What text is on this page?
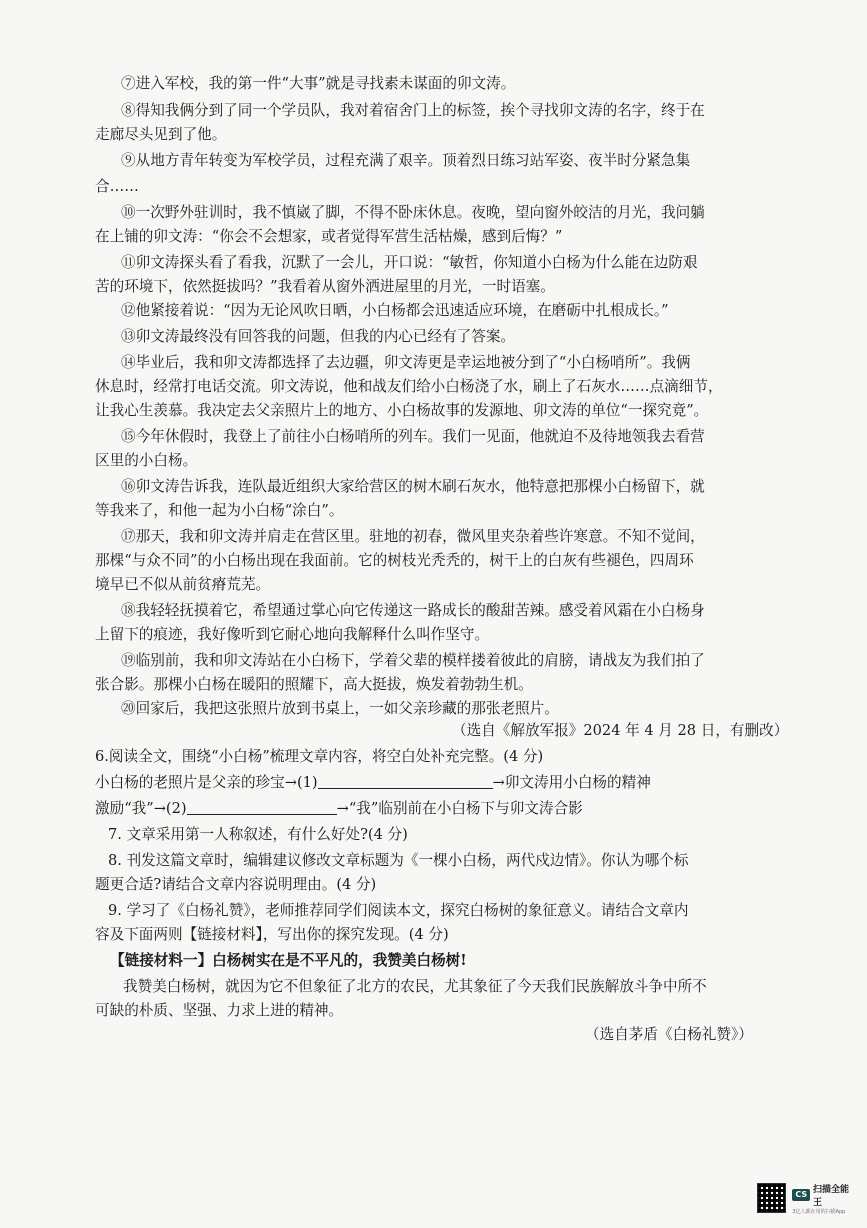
⑦进入军校，我的第一件“大事”就是寻找素未谋面的卯文涛。
⑧得知我俩分到了同一个学员队，我对着宿舍门上的标签，挨个寻找卯文涛的名字，终于在
走廊尽头见到了他。
⑨从地方青年转变为军校学员，过程充满了艰辛。顶着烈日练习站军姿、夜半时分紧急集
合……
⑩一次野外驻训时，我不慎崴了脚，不得不卧床休息。夜晚，望向窗外皎洁的月光，我问躺
在上铺的卯文涛：“你会不会想家，或者觉得军营生活枯燥，感到后悔？”
⑪卯文涛探头看了看我，沉默了一会儿，开口说：“敏哲，你知道小白杨为什么能在边防艰
苦的环境下，依然挺拔吗？”我看着从窗外洒进屋里的月光，一时语塞。
⑫他紧接着说：“因为无论风吹日晒，小白杨都会迅速适应环境，在磨砺中扎根成长。”
⑬卯文涛最终没有回答我的问题，但我的内心已经有了答案。
⑭毕业后，我和卯文涛都选择了去边疆，卯文涛更是幸运地被分到了“小白杨哨所”。我俩
休息时，经常打电话交流。卯文涛说，他和战友们给小白杨浇了水，刷上了石灰水……点滴细节，
让我心生羡慕。我决定去父亲照片上的地方、小白杨故事的发源地、卯文涛的单位“一探究竟”。
⑮今年休假时，我登上了前往小白杨哨所的列车。我们一见面，他就迫不及待地领我去看营
区里的小白杨。
⑯卯文涛告诉我，连队最近组织大家给营区的树木刷石灰水，他特意把那棵小白杨留下，就
等我来了，和他一起为小白杨“涂白”。
⑰那天，我和卯文涛并肩走在营区里。驻地的初春，微风里夹杂着些许寒意。不知不觉间，
那棵“与众不同”的小白杨出现在我面前。它的树枝光秃秃的，树干上的白灰有些褪色，四周环
境早已不似从前贫瘠荒芜。
⑱我轻轻抚摸着它，希望通过掌心向它传递这一路成长的酸甜苦辣。感受着风霜在小白杨身
上留下的痕迹，我好像听到它耐心地向我解释什么叫作坚守。
⑲临别前，我和卯文涛站在小白杨下，学着父辈的模样搂着彼此的肩膀，请战友为我们拍了
张合影。那棵小白杨在暖阳的照耀下，高大挺拔，焕发着勃勃生机。
⑳回家后，我把这张照片放到书桌上，一如父亲珍藏的那张老照片。
6.阅读全文，围绕“小白杨”梳理文章内容，将空白处补充完整。(4 分)
小白杨的老照片是父亲的珍宝→(1)	→卯文涛用小白杨的精神
激励“我”→(2)	→“我”临别前在小白杨下与卯文涛合影
7. 文章采用第一人称叙述，有什么好处?(4 分)
8. 刊发这篇文章时，编辑建议修改文章标题为《一棵小白杨，两代戍边情》。你认为哪个标
题更合适?请结合文章内容说明理由。(4 分)
9. 学习了《白杨礼赞》，老师推荐同学们阅读本文，探究白杨树的象征意义。请结合文章内
容及下面两则【链接材料】，写出你的探究发现。(4 分)
【链接材料一】白杨树实在是不平凡的，我赞美白杨树!
我赞美白杨树，就因为它不但象征了北方的农民，尤其象征了今天我们民族解放斗争中所不
可缺的朴质、坚强、力求上进的精神。
（选自茅盾《白杨礼赞》）
（选自《解放军报》2024 年 4 月 28 日，有删改）
CS 扫描全能王
3亿人都在用的扫描App
